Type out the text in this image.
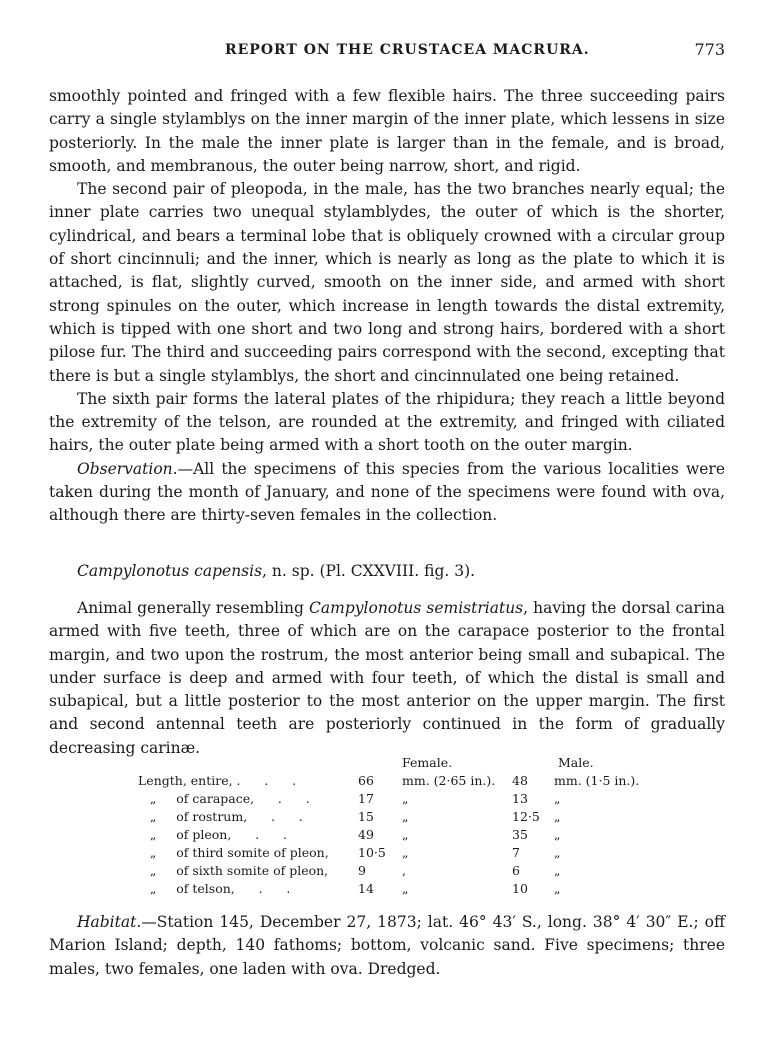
REPORT ON THE CRUSTACEA MACRURA.	773

smoothly pointed and fringed with a few flexible hairs. The three succeeding pairs carry a single stylamblys on the inner margin of the inner plate, which lessens in size posteriorly. In the male the inner plate is larger than in the female, and is broad, smooth, and membranous, the outer being narrow, short, and rigid.

The second pair of pleopoda, in the male, has the two branches nearly equal; the inner plate carries two unequal stylamblydes, the outer of which is the shorter, cylindrical, and bears a terminal lobe that is obliquely crowned with a circular group of short cincinnuli; and the inner, which is nearly as long as the plate to which it is attached, is flat, slightly curved, smooth on the inner side, and armed with short strong spinules on the outer, which increase in length towards the distal extremity, which is tipped with one short and two long and strong hairs, bordered with a short pilose fur. The third and succeeding pairs correspond with the second, excepting that there is but a single stylamblys, the short and cincinnulated one being retained.

The sixth pair forms the lateral plates of the rhipidura; they reach a little beyond the extremity of the telson, are rounded at the extremity, and fringed with ciliated hairs, the outer plate being armed with a short tooth on the outer margin.

Observation.—All the specimens of this species from the various localities were taken during the month of January, and none of the specimens were found with ova, although there are thirty-seven females in the collection.

Campylonotus capensis, n. sp. (Pl. CXXVIII. fig. 3).

Animal generally resembling Campylonotus semistriatus, having the dorsal carina armed with five teeth, three of which are on the carapace posterior to the frontal margin, and two upon the rostrum, the most anterior being small and subapical. The under surface is deep and armed with four teeth, of which the distal is small and subapical, but a little posterior to the most anterior on the upper margin. The first and second antennal teeth are posteriorly continued in the form of gradually decreasing carinæ.

	Female.		Male.	
Length, entire, .      .      .	66	mm. (2·65 in.).	48	mm. (1·5 in.).
„     of carapace,      .      .	17	„	13	„
„     of rostrum,      .      .	15	„	12·5	„
„     of pleon,      .      .	49	„	35	„
„     of third somite of pleon,	10·5	„	7	„
„     of sixth somite of pleon,	9	,	6	„
„     of telson,      .      .	14	„	10	„

Habitat.—Station 145, December 27, 1873; lat. 46° 43′ S., long. 38° 4′ 30″ E.; off Marion Island; depth, 140 fathoms; bottom, volcanic sand. Five specimens; three males, two females, one laden with ova. Dredged.
